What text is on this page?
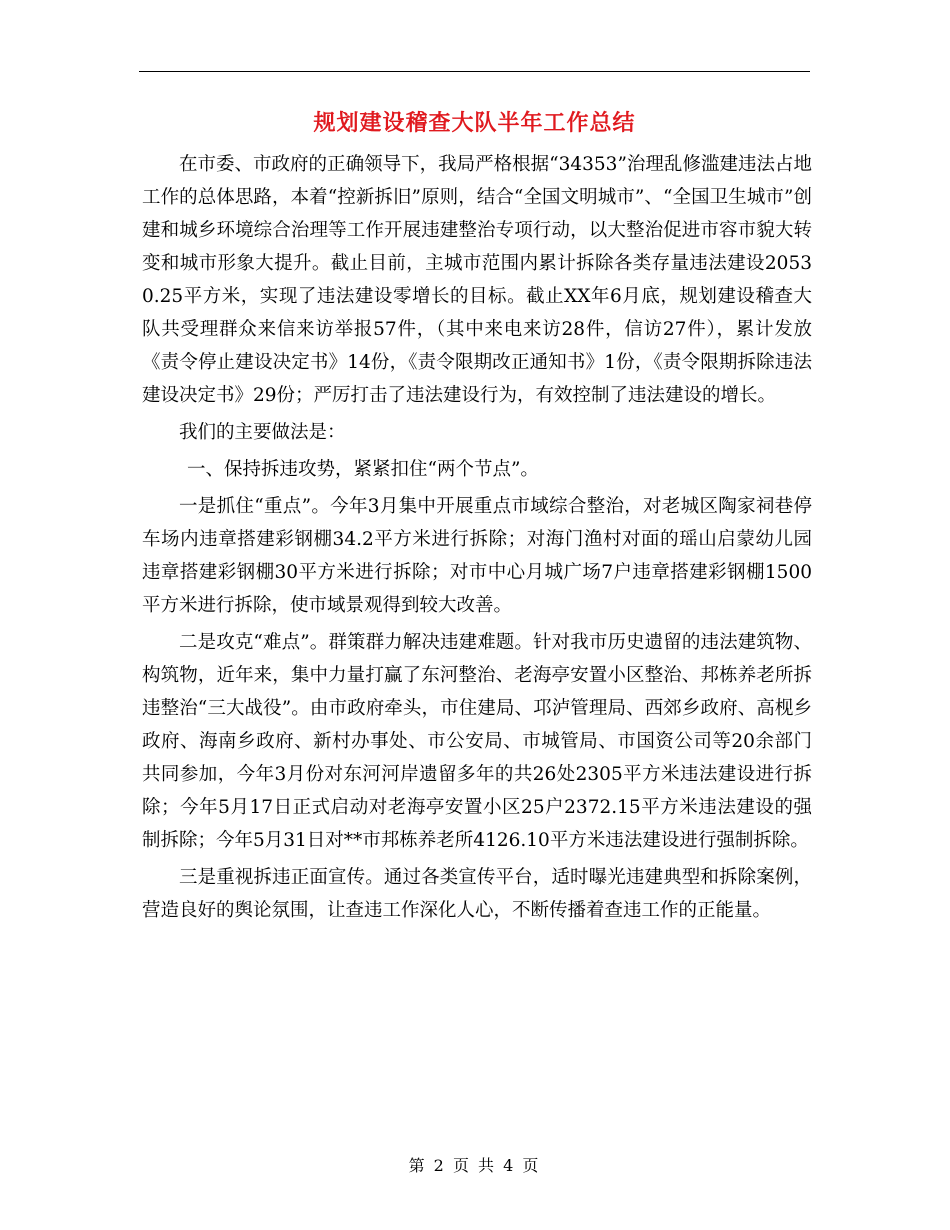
规划建设稽查大队半年工作总结

在市委、市政府的正确领导下，我局严格根据“34353”治理乱修滥建违法占地工作的总体思路，本着“控新拆旧”原则，结合“全国文明城市”、“全国卫生城市”创建和城乡环境综合治理等工作开展违建整治专项行动，以大整治促进市容市貌大转变和城市形象大提升。截止目前，主城市范围内累计拆除各类存量违法建设20530.25平方米，实现了违法建设零增长的目标。截止XX年6月底，规划建设稽查大队共受理群众来信来访举报57件，（其中来电来访28件，信访27件），累计发放《责令停止建设决定书》14份，《责令限期改正通知书》1份，《责令限期拆除违法建设决定书》29份；严厉打击了违法建设行为，有效控制了违法建设的增长。

我们的主要做法是：

一、保持拆违攻势，紧紧扣住“两个节点”。

一是抓住“重点”。今年3月集中开展重点市域综合整治，对老城区陶家祠巷停车场内违章搭建彩钢棚34.2平方米进行拆除；对海门渔村对面的瑶山启蒙幼儿园违章搭建彩钢棚30平方米进行拆除；对市中心月城广场7户违章搭建彩钢棚1500平方米进行拆除，使市域景观得到较大改善。

二是攻克“难点”。群策群力解决违建难题。针对我市历史遗留的违法建筑物、构筑物，近年来，集中力量打赢了东河整治、老海亭安置小区整治、邦栋养老所拆违整治“三大战役”。由市政府牵头，市住建局、邛泸管理局、西郊乡政府、高枧乡政府、海南乡政府、新村办事处、市公安局、市城管局、市国资公司等20余部门共同参加，今年3月份对东河河岸遗留多年的共26处2305平方米违法建设进行拆除；今年5月17日正式启动对老海亭安置小区25户2372.15平方米违法建设的强制拆除；今年5月31日对**市邦栋养老所4126.10平方米违法建设进行强制拆除。

三是重视拆违正面宣传。通过各类宣传平台，适时曝光违建典型和拆除案例，营造良好的舆论氛围，让查违工作深化人心，不断传播着查违工作的正能量。

第 2 页 共 4 页
